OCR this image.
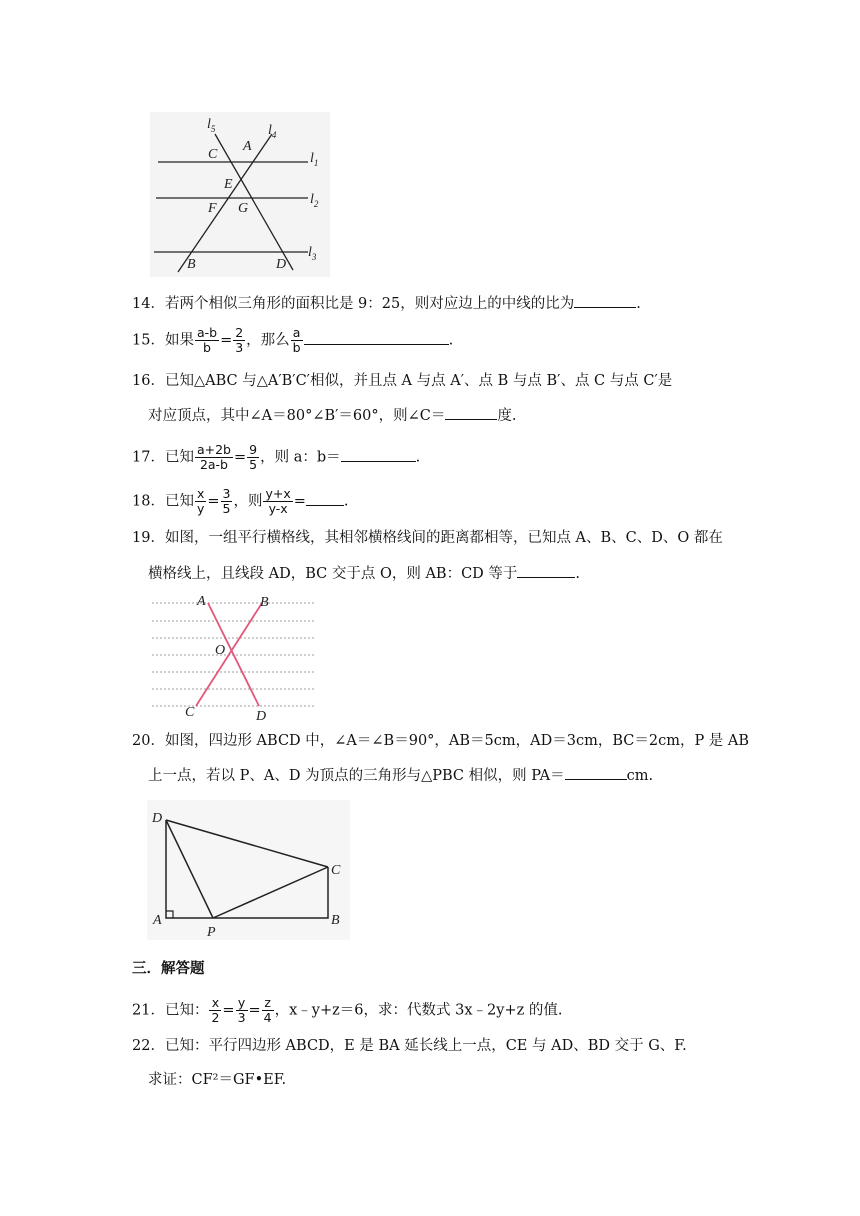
$l_5$	$l_4$
$l_1$
$l_2$
$l_3$
C
A
E
F G
B	D
14．若两个相似三角形的面积比是 9：25，则对应边上的中线的比为	.
15．如果 $\frac{a-b}{b} = \frac{2}{3}$ ，那么 $\frac{a}{b}$	.
16．已知△ABC 与△A′B′C′相似，并且点 A 与点 A′、点 B 与点 B′、点 C 与点 C′是
对应顶点，其中∠A＝80°∠B′＝60°，则∠C＝	度.
17．已知 $\frac{a+2b}{2a-b} = \frac{9}{5}$ ，则 a：b＝	.
18．已知 $\frac{x}{y} = \frac{3}{5}$ ，则 $\frac{y+x}{y-x}$ =	.
19．如图，一组平行横格线，其相邻横格线间的距离都相等，已知点 A、B、C、D、O 都在
横格线上，且线段 AD，BC 交于点 O，则 AB：CD 等于	.
A	B
O
C	D
20．如图，四边形 ABCD 中，∠A＝∠B＝90°，AB＝5cm，AD＝3cm，BC＝2cm，P 是 AB
上一点，若以 P、A、D 为顶点的三角形与△PBC 相似，则 PA＝	cm.
D
C
A
P
B
三．解答题
21．已知： $\frac{x}{2} = \frac{y}{3} = \frac{z}{4}$ ，x﹣y+z＝6，求：代数式 3x﹣2y+z 的值.
22．已知：平行四边形 ABCD，E 是 BA 延长线上一点，CE 与 AD、BD 交于 G、F.
求证：CF²＝GF•EF.
